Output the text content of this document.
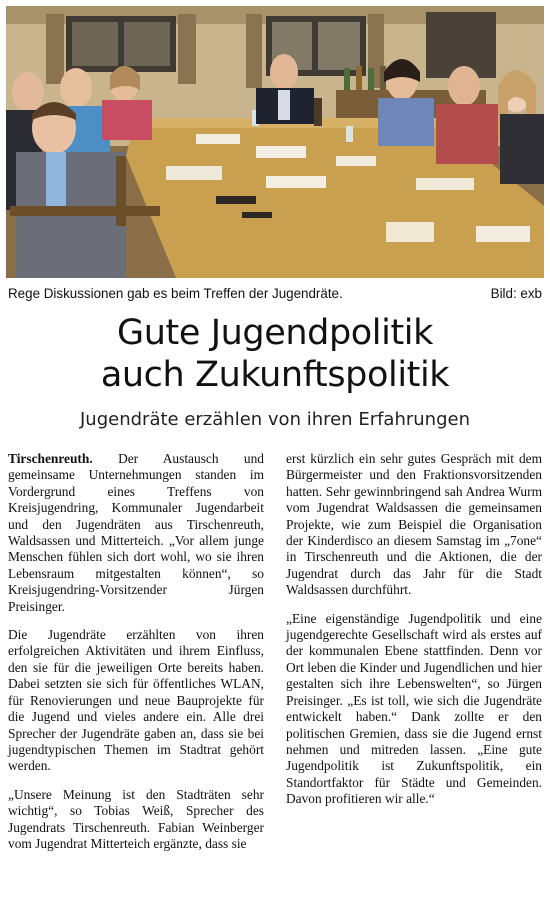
Rege Diskussionen gab es beim Treffen der Jugendräte.	Bild: exb
Gute Jugendpolitik
auch Zukunftspolitik
Jugendräte erzählen von ihren Erfahrungen

Tirschenreuth. Der Austausch und gemeinsame Unternehmungen standen im Vordergrund eines Treffens von Kreisjugendring, Kommunaler Jugendarbeit und den Jugendräten aus Tirschenreuth, Waldsassen und Mitterteich. „Vor allem junge Menschen fühlen sich dort wohl, wo sie ihren Lebensraum mitgestalten können“, so Kreisjugendring-Vorsitzender Jürgen Preisinger.

Die Jugendräte erzählten von ihren erfolgreichen Aktivitäten und ihrem Einfluss, den sie für die jeweiligen Orte bereits haben. Dabei setzten sie sich für öffentliches WLAN, für Renovierungen und neue Bauprojekte für die Jugend und vieles andere ein. Alle drei Sprecher der Jugendräte gaben an, dass sie bei jugendtypischen Themen im Stadtrat gehört werden.

„Unsere Meinung ist den Stadträten sehr wichtig“, so Tobias Weiß, Sprecher des Jugendrats Tirschenreuth. Fabian Weinberger vom Jugendrat Mitterteich ergänzte, dass sie

erst kürzlich ein sehr gutes Gespräch mit dem Bürgermeister und den Fraktionsvorsitzenden hatten. Sehr gewinnbringend sah Andrea Wurm vom Jugendrat Waldsassen die gemeinsamen Projekte, wie zum Beispiel die Organisation der Kinderdisco an diesem Samstag im „7one“ in Tirschenreuth und die Aktionen, die der Jugendrat durch das Jahr für die Stadt Waldsassen durchführt.

„Eine eigenständige Jugendpolitik und eine jugendgerechte Gesellschaft wird als erstes auf der kommunalen Ebene stattfinden. Denn vor Ort leben die Kinder und Jugendlichen und hier gestalten sich ihre Lebenswelten“, so Jürgen Preisinger. „Es ist toll, wie sich die Jugendräte entwickelt haben.“ Dank zollte er den politischen Gremien, dass sie die Jugend ernst nehmen und mitreden lassen. „Eine gute Jugendpolitik ist Zukunftspolitik, ein Standortfaktor für Städte und Gemeinden. Davon profitieren wir alle.“
